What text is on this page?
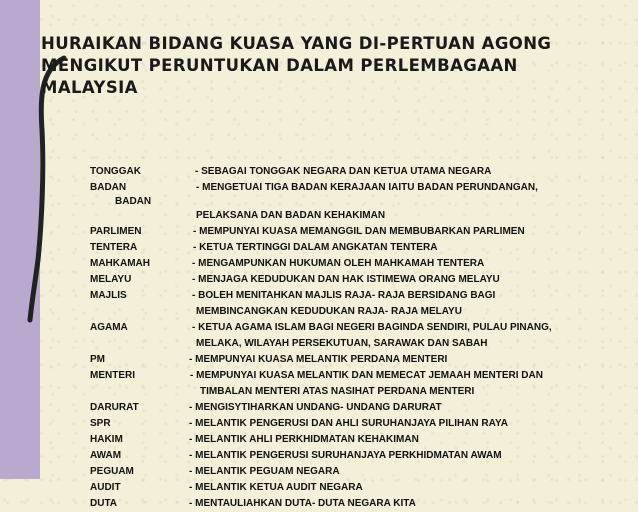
HURAIKAN BIDANG KUASA YANG DI-PERTUAN AGONG
MENGIKUT PERUNTUKAN DALAM PERLEMBAGAAN
MALAYSIA
TONGGAK	- SEBAGAI TONGGAK NEGARA DAN KETUA UTAMA NEGARA
BADAN	- MENGETUAI TIGA BADAN KERAJAAN IAITU BADAN PERUNDANGAN,
BADAN
PELAKSANA DAN BADAN KEHAKIMAN
PARLIMEN	- MEMPUNYAI KUASA MEMANGGIL DAN MEMBUBARKAN PARLIMEN
TENTERA	- KETUA TERTINGGI DALAM ANGKATAN TENTERA
MAHKAMAH	- MENGAMPUNKAN HUKUMAN OLEH MAHKAMAH TENTERA
MELAYU	- MENJAGA KEDUDUKAN DAN HAK ISTIMEWA ORANG MELAYU
MAJLIS	- BOLEH MENITAHKAN MAJLIS RAJA- RAJA BERSIDANG BAGI
MEMBINCANGKAN KEDUDUKAN RAJA- RAJA MELAYU
AGAMA	- KETUA AGAMA ISLAM BAGI NEGERI BAGINDA SENDIRI, PULAU PINANG,
MELAKA, WILAYAH PERSEKUTUAN, SARAWAK DAN SABAH
PM	- MEMPUNYAI KUASA MELANTIK PERDANA MENTERI
MENTERI	- MEMPUNYAI KUASA MELANTIK DAN MEMECAT JEMAAH MENTERI DAN
TIMBALAN MENTERI ATAS NASIHAT PERDANA MENTERI
DARURAT	- MENGISYTIHARKAN UNDANG- UNDANG DARURAT
SPR	- MELANTIK PENGERUSI DAN AHLI SURUHANJAYA PILIHAN RAYA
HAKIM	- MELANTIK AHLI PERKHIDMATAN KEHAKIMAN
AWAM	- MELANTIK PENGERUSI SURUHANJAYA PERKHIDMATAN AWAM
PEGUAM	- MELANTIK PEGUAM NEGARA
AUDIT	- MELANTIK KETUA AUDIT NEGARA
DUTA	- MENTAULIAHKAN DUTA- DUTA NEGARA KITA
